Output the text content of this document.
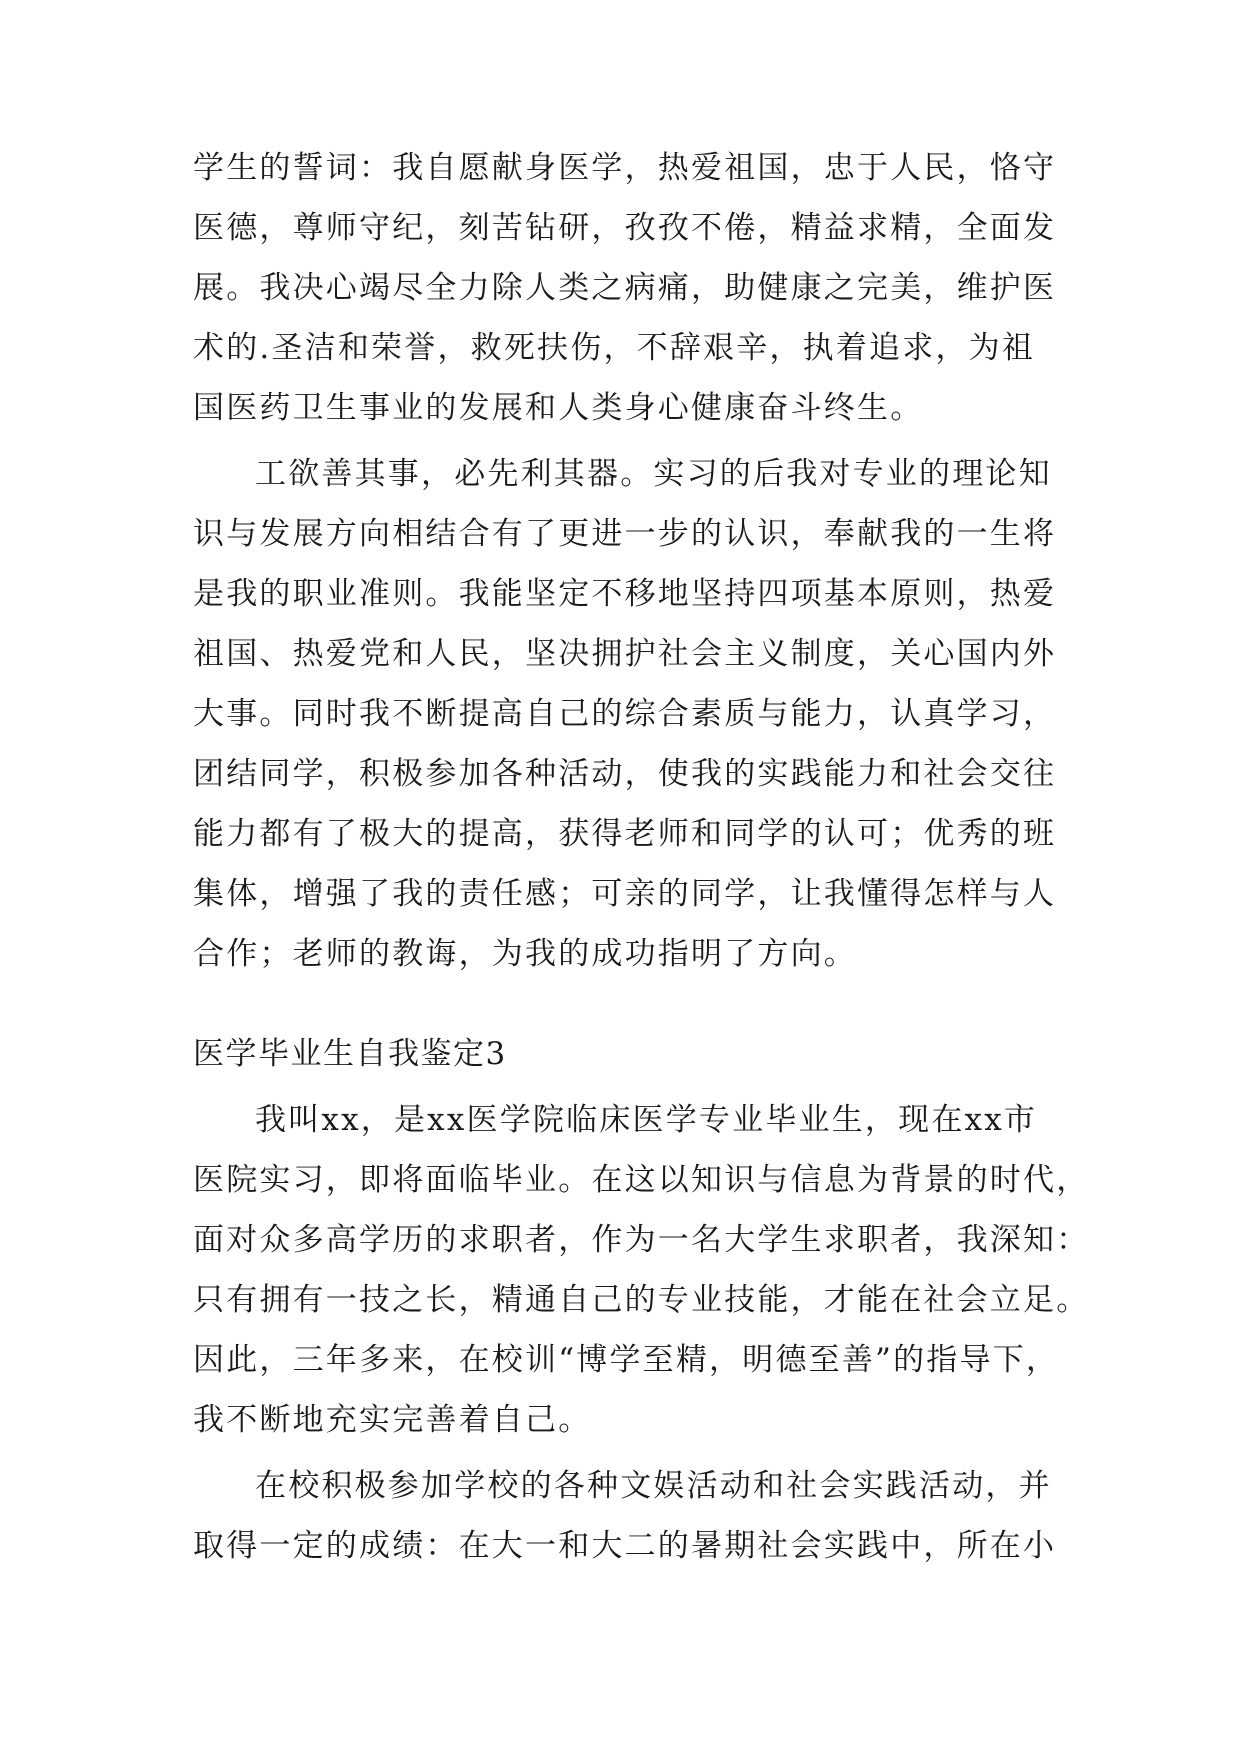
学生的誓词：我自愿献身医学，热爱祖国，忠于人民，恪守
医德，尊师守纪，刻苦钻研，孜孜不倦，精益求精，全面发
展。我决心竭尽全力除人类之病痛，助健康之完美，维护医
术的.圣洁和荣誉，救死扶伤，不辞艰辛，执着追求，为祖
国医药卫生事业的发展和人类身心健康奋斗终生。
工欲善其事，必先利其器。实习的后我对专业的理论知
识与发展方向相结合有了更进一步的认识，奉献我的一生将
是我的职业准则。我能坚定不移地坚持四项基本原则，热爱
祖国、热爱党和人民，坚决拥护社会主义制度，关心国内外
大事。同时我不断提高自己的综合素质与能力，认真学习，
团结同学，积极参加各种活动，使我的实践能力和社会交往
能力都有了极大的提高，获得老师和同学的认可；优秀的班
集体，增强了我的责任感；可亲的同学，让我懂得怎样与人
合作；老师的教诲，为我的成功指明了方向。
医学毕业生自我鉴定3
我叫xx，是xx医学院临床医学专业毕业生，现在xx市
医院实习，即将面临毕业。在这以知识与信息为背景的时代，
面对众多高学历的求职者，作为一名大学生求职者，我深知：
只有拥有一技之长，精通自己的专业技能，才能在社会立足。
因此，三年多来，在校训“博学至精，明德至善”的指导下，
我不断地充实完善着自己。
在校积极参加学校的各种文娱活动和社会实践活动，并
取得一定的成绩：在大一和大二的暑期社会实践中，所在小
